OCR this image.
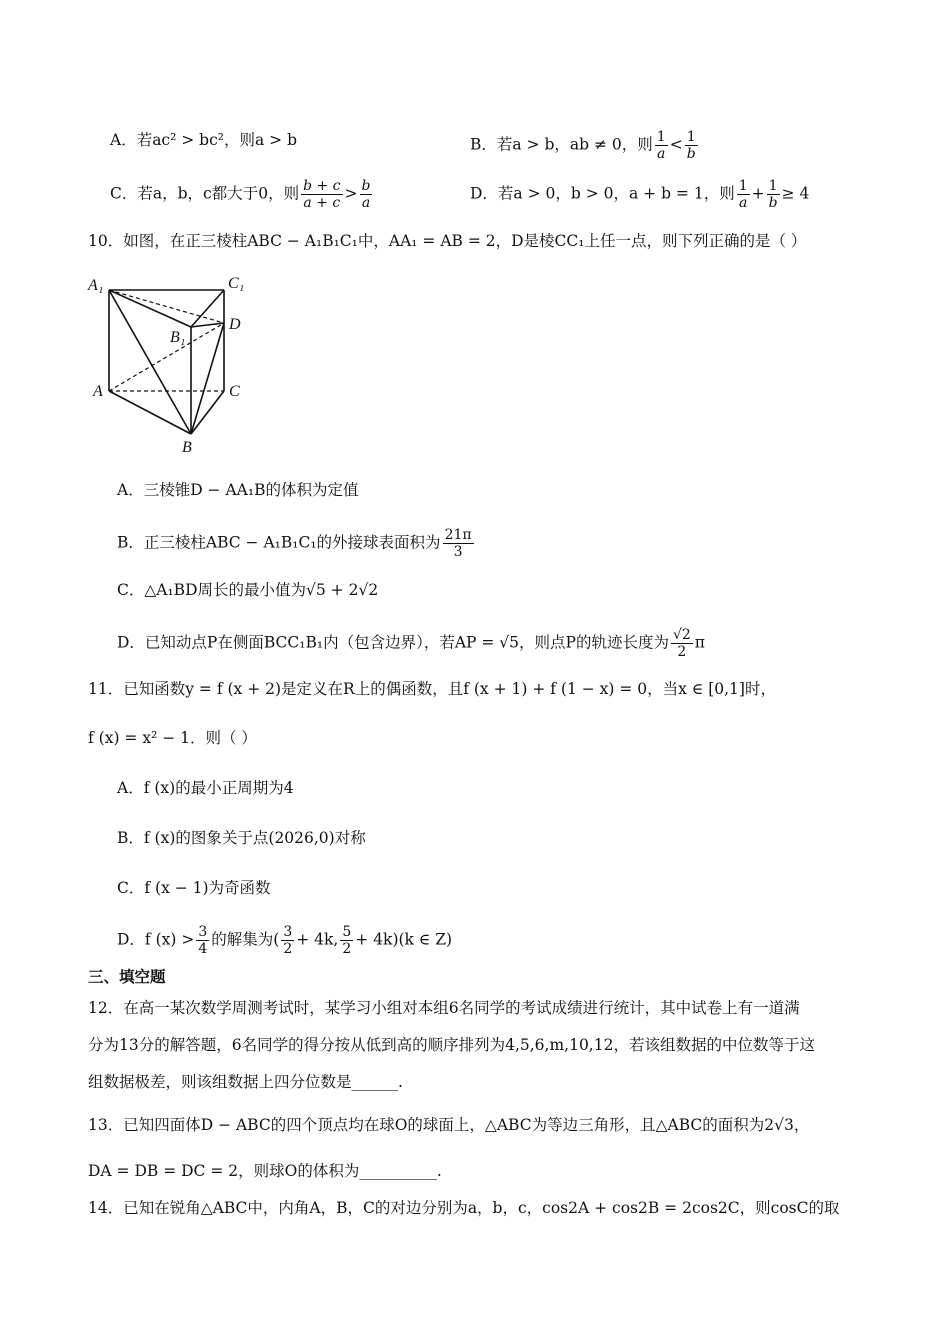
A．若ac² > bc²，则a > b	B．若a > b，ab ≠ 0，则 $\frac{1}{a} < \frac{1}{b}$
C．若a，b，c都大于0，则 $\frac{b + c}{a + c} > \frac{b}{a}$	D．若a > 0，b > 0，a + b = 1，则 $\frac{1}{a} + \frac{1}{b} \ge 4$
10．如图，在正三棱柱ABC − A₁B₁C₁中，AA₁ = AB = 2，D是棱CC₁上任一点，则下列正确的是（ ）
A₁	C₁
B₁
D
A	C
B
A．三棱锥D − AA₁B的体积为定值
B．正三棱柱ABC − A₁B₁C₁的外接球表面积为 $\frac{21\pi}{3}$
C．△A₁BD周长的最小值为√5 + 2√2
D．已知动点P在侧面BCC₁B₁内（包含边界），若AP = √5，则点P的轨迹长度为 $\frac{√2}{2}$ π
11．已知函数y = f (x + 2)是定义在R上的偶函数，且f (x + 1) + f (1 − x) = 0，当x ∈ [0,1]时，
f (x) = x² − 1．则（ ）
A．f (x)的最小正周期为4
B．f (x)的图象关于点(2026,0)对称
C．f (x − 1)为奇函数
D．f $(x) > \frac{3}{4}$ 的解集为( $\frac{3}{2} + 4k$, $\frac{5}{2} + 4k)(k$ ∈ Z)
三、填空题
12．在高一某次数学周测考试时，某学习小组对本组6名同学的考试成绩进行统计，其中试卷上有一道满
分为13分的解答题，6名同学的得分按从低到高的顺序排列为4,5,6,m,10,12，若该组数据的中位数等于这
组数据极差，则该组数据上四分位数是______.
13．已知四面体D − ABC的四个顶点均在球O的球面上，△ABC为等边三角形，且△ABC的面积为2√3，
DA = DB = DC = 2，则球O的体积为__________.
14．已知在锐角△ABC中，内角A，B，C的对边分别为a，b，c，cos2A + cos2B = 2cos2C，则cosC的取
